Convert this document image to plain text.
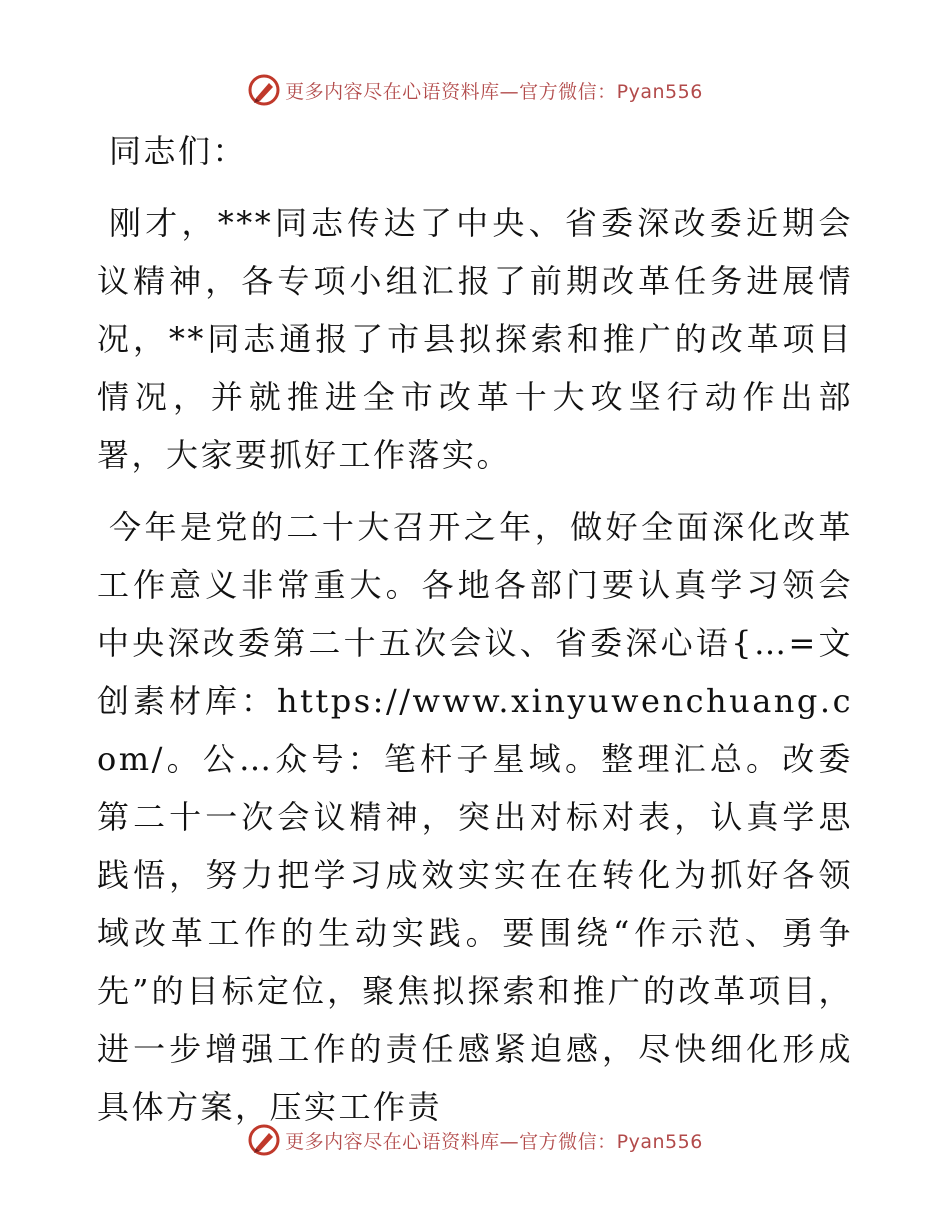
更多内容尽在心语资料库—官方微信：Pyan556

同志们：

刚才，***同志传达了中央、省委深改委近期会议精神，各专项小组汇报了前期改革任务进展情况，**同志通报了市县拟探索和推广的改革项目情况，并就推进全市改革十大攻坚行动作出部署，大家要抓好工作落实。

今年是党的二十大召开之年，做好全面深化改革工作意义非常重大。各地各部门要认真学习领会中央深改委第二十五次会议、省委深心语{…=文创素材库：https://www.xinyuwenchuang.com/。公…众号：笔杆子星域。整理汇总。改委第二十一次会议精神，突出对标对表，认真学思践悟，努力把学习成效实实在在转化为抓好各领域改革工作的生动实践。要围绕“作示范、勇争先”的目标定位，聚焦拟探索和推广的改革项目，进一步增强工作的责任感紧迫感，尽快细化形成具体方案，压实工作责

更多内容尽在心语资料库—官方微信：Pyan556
